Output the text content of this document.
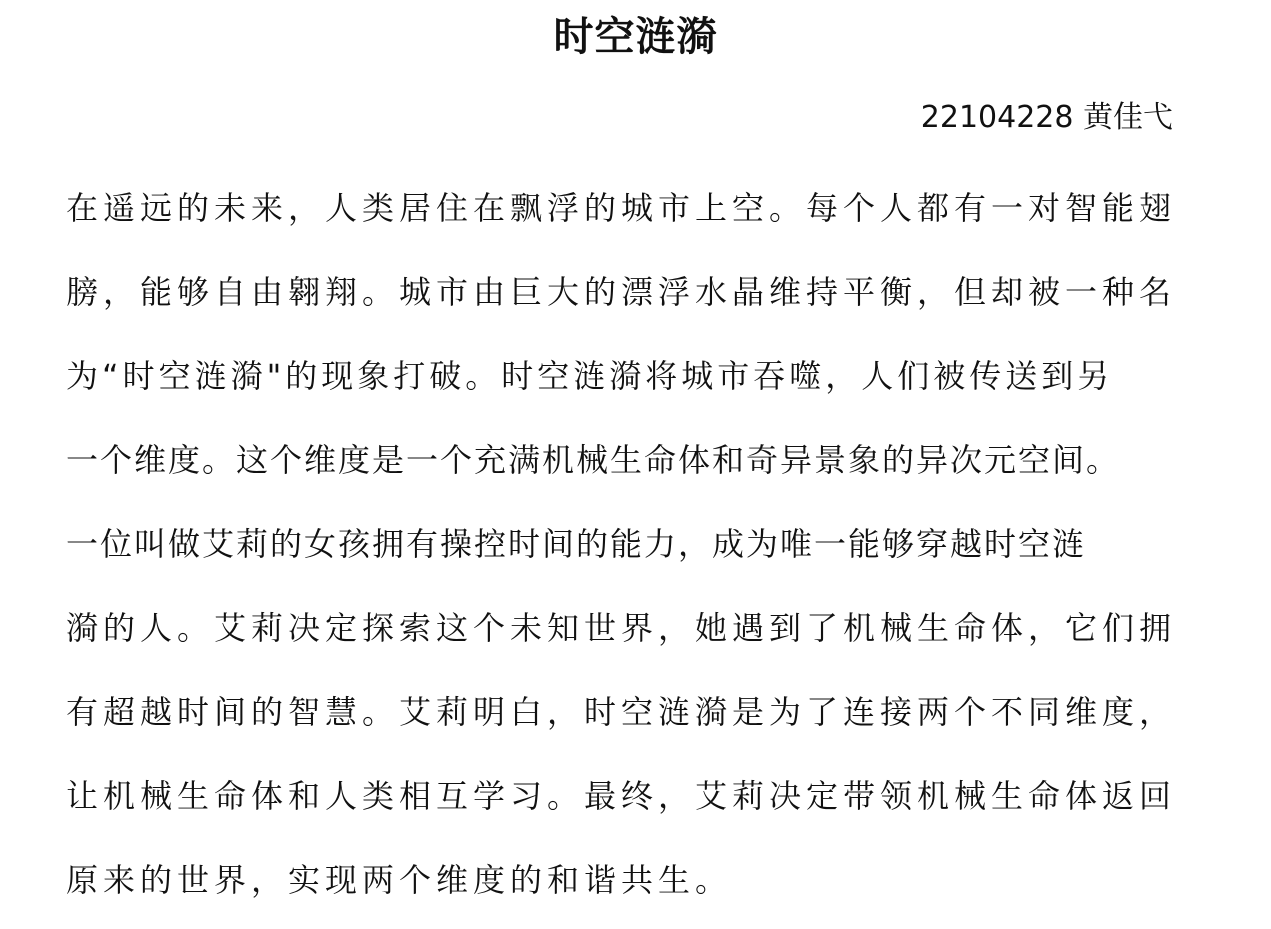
时空涟漪
22104228 黄佳弋
在遥远的未来，人类居住在飘浮的城市上空。每个人都有一对智能翅
膀，能够自由翱翔。城市由巨大的漂浮水晶维持平衡，但却被一种名
为“时空涟漪"的现象打破。时空涟漪将城市吞噬，人们被传送到另
一个维度。这个维度是一个充满机械生命体和奇异景象的异次元空间。
一位叫做艾莉的女孩拥有操控时间的能力，成为唯一能够穿越时空涟
漪的人。艾莉决定探索这个未知世界，她遇到了机械生命体，它们拥
有超越时间的智慧。艾莉明白，时空涟漪是为了连接两个不同维度，
让机械生命体和人类相互学习。最终，艾莉决定带领机械生命体返回
原来的世界，实现两个维度的和谐共生。
